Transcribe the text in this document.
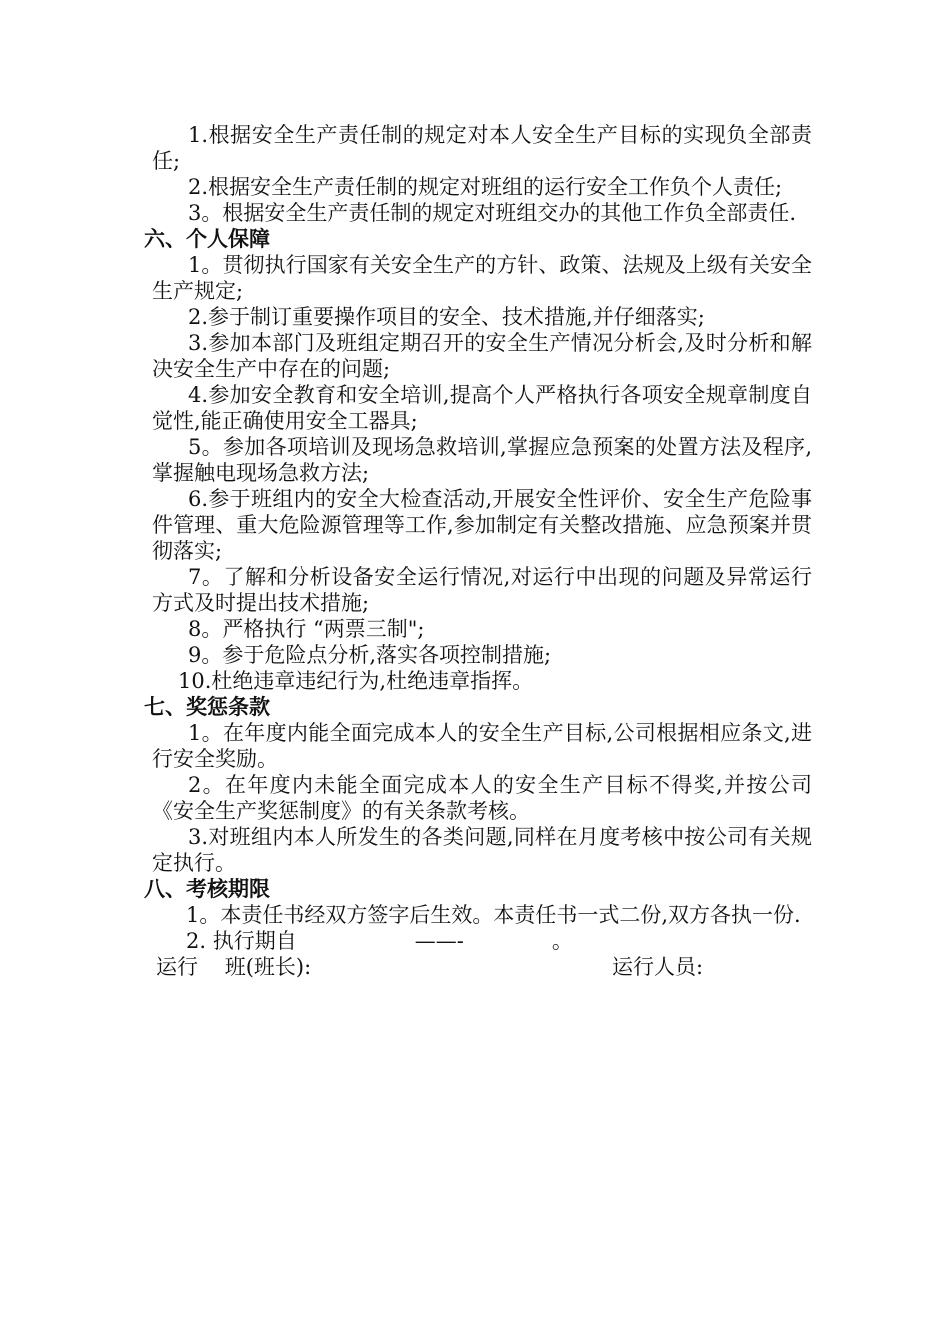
1.根据安全生产责任制的规定对本人安全生产目标的实现负全部责任;

2.根据安全生产责任制的规定对班组的运行安全工作负个人责任;

3。根据安全生产责任制的规定对班组交办的其他工作负全部责任.

六、个人保障

1。贯彻执行国家有关安全生产的方针、政策、法规及上级有关安全生产规定;

2.参于制订重要操作项目的安全、技术措施,并仔细落实;

3.参加本部门及班组定期召开的安全生产情况分析会,及时分析和解决安全生产中存在的问题;

4.参加安全教育和安全培训,提高个人严格执行各项安全规章制度自觉性,能正确使用安全工器具;

5。参加各项培训及现场急救培训,掌握应急预案的处置方法及程序,掌握触电现场急救方法;

6.参于班组内的安全大检查活动,开展安全性评价、安全生产危险事件管理、重大危险源管理等工作,参加制定有关整改措施、应急预案并贯彻落实;

7。了解和分析设备安全运行情况,对运行中出现的问题及异常运行方式及时提出技术措施;

8。严格执行 “两票三制";

9。参于危险点分析,落实各项控制措施;

10.杜绝违章违纪行为,杜绝违章指挥。

七、奖惩条款

1。在年度内能全面完成本人的安全生产目标,公司根据相应条文,进行安全奖励。

2。在年度内未能全面完成本人的安全生产目标不得奖,并按公司《安全生产奖惩制度》的有关条款考核。

3.对班组内本人所发生的各类问题,同样在月度考核中按公司有关规定执行。

八、考核期限

1。本责任书经双方签字后生效。本责任书一式二份,双方各执一份.

2. 执行期自	——-	。

运行    班(班长):

	运行人员:
